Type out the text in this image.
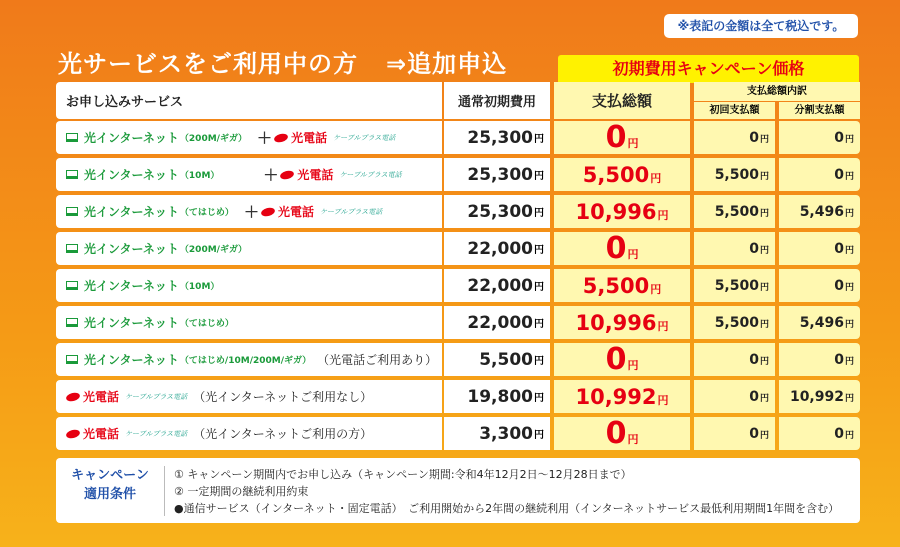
※表記の金額は全て税込です。
光サービスをご利用中の方 ⇒追加申込	初期費用キャンペーン価格
お申し込みサービス	通常初期費用	支払総額
支払総額内訳
初回支払額	分割支払額
光インターネット （200M/ギガ） ＋ 光電話 ケーブルプラス電話	25,300 円 0円	0円	0円
光インターネット （10M）	＋ 光電話 ケーブルプラス電話	25,300 円 5,500円	5,500円	0円
光インターネット （てはじめ） ＋ 光電話 ケーブルプラス電話	25,300 円 10,996円	5,500円 5,496円
光インターネット （200M/ギガ）	22,000 円 0円	0円	0円
光インターネット （10M）	22,000 円 5,500円	5,500円	0円
光インターネット （てはじめ）	22,000 円 10,996円	5,500円 5,496円
光インターネット （てはじめ/10M/200M/ギガ） （光電話ご利用あり） 5,500 円 0円	0円	0円
光電話 ケーブルプラス電話 （光インターネットご利用なし）	19,800 円 10,992円	0円 10,992円
光電話 ケーブルプラス電話 （光インターネットご利用の方）	3,300 円 0円	0円	0円
キャンペーン
適用条件
① キャンペーン期間内でお申し込み（キャンペーン期間:令和4年12月2日〜12月28日まで）
② 一定期間の継続利用約束
●通信サービス（インターネット・固定電話）　ご利用開始から2年間の継続利用（インターネットサービス最低利用期間1年間を含む）
